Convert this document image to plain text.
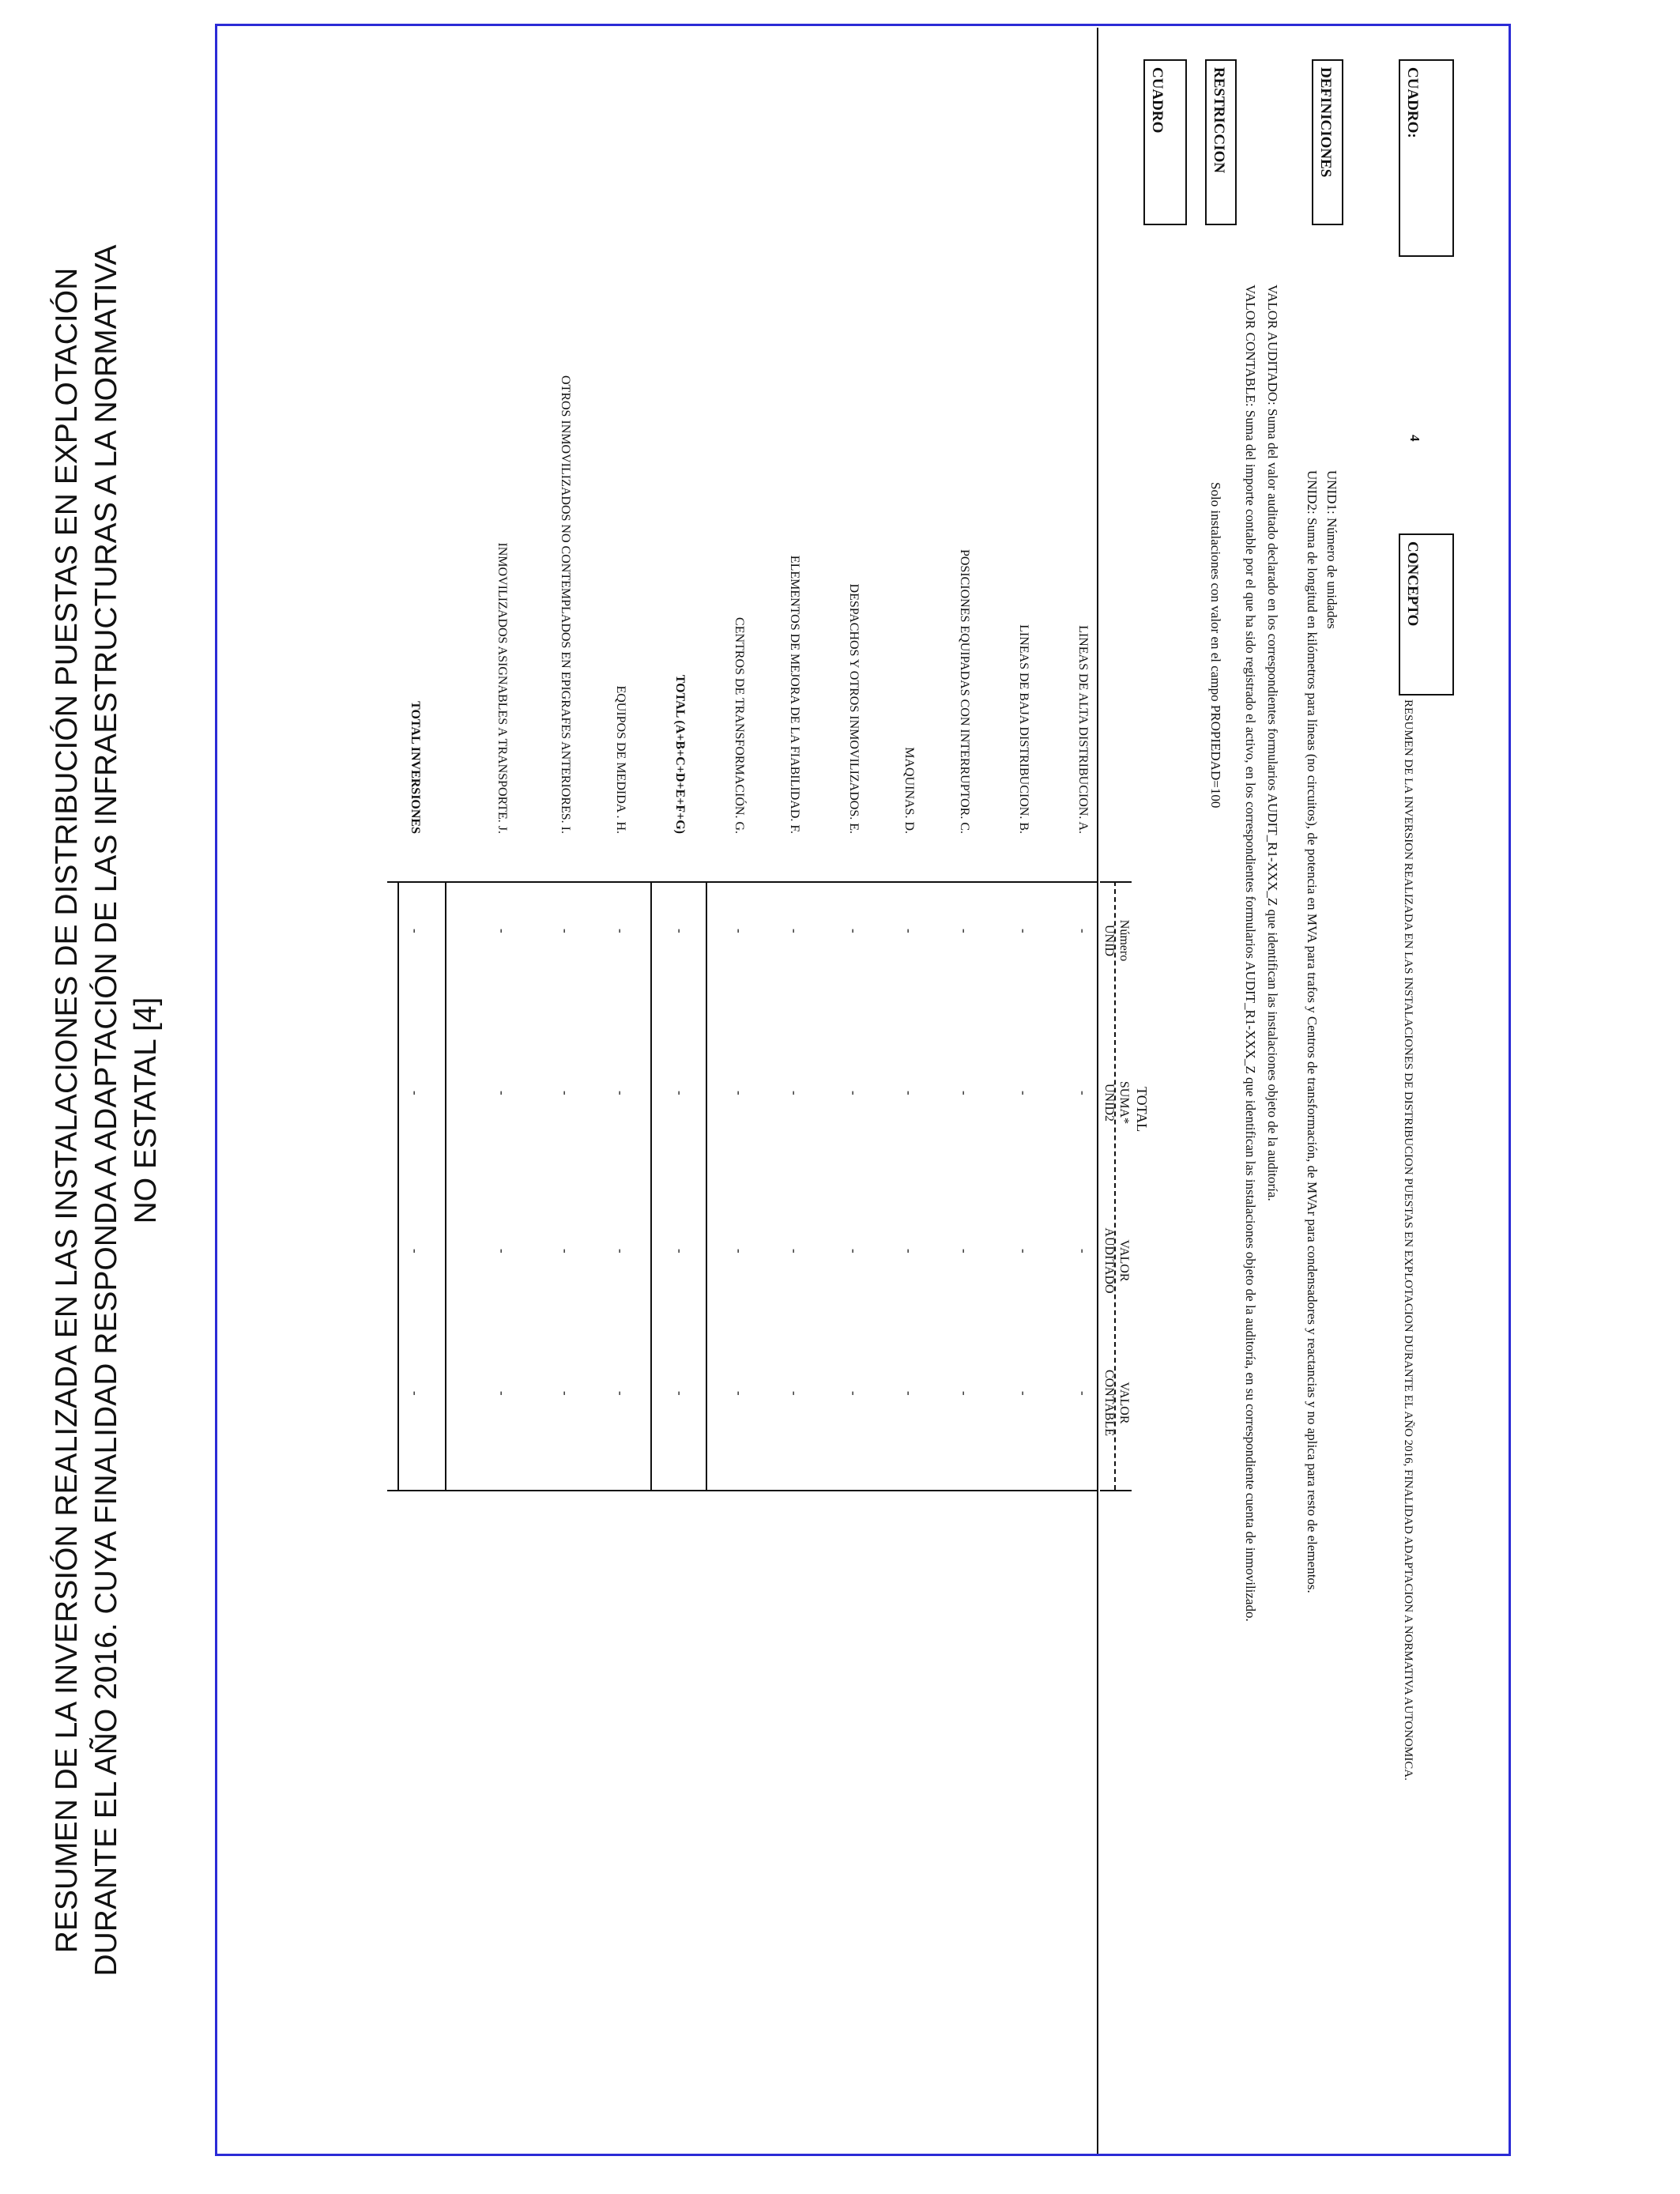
RESUMEN DE LA INVERSIÓN REALIZADA EN LAS INSTALACIONES DE DISTRIBUCIÓN PUESTAS EN EXPLOTACIÓN DURANTE EL AÑO 2016. CUYA FINALIDAD RESPONDA A ADAPTACIÓN DE LAS INFRAESTRUCTURAS A LA NORMATIVA NO ESTATAL [4]
CUADRO:
4
CONCEPTO
RESUMEN DE LA INVERSION REALIZADA EN LAS INSTALACIONES DE DISTRIBUCION PUESTAS EN EXPLOTACION DURANTE EL AÑO 2016, FINALIDAD ADAPTACION A NORMATIVA AUTONOMICA.
DEFINICIONES
UNID1: Número de unidades
UNID2: Suma de longitud en kilómetros para líneas (no circuitos), de potencia en MVA para trafos y Centros de transformación, de MVAr para condensadores y reactancias y no aplica para resto de elementos.
VALOR AUDITADO: Suma del valor auditado declarado en los correspondientes formularios AUDIT_R1-XXX_Z que identifican las instalaciones objeto de la auditoría.
VALOR CONTABLE: Suma del importe contable por el que ha sido registrado el activo, en los correspondientes formularios AUDIT_R1-XXX_Z que identifican las instalaciones objeto de la auditoría, en su correspondiente cuenta de inmovilizado.
RESTRICCION
Solo instalaciones con valor en el campo PROPIEDAD=100
CUADRO
TOTAL
Número
UNID
SUMA*
UNID2
VALOR
AUDITADO
VALOR
CONTABLE
LINEAS DE ALTA DISTRIBUCION. A.
-
-
-
-
LINEAS DE BAJA DISTRIBUCION. B.
-
-
-
-
POSICIONES EQUIPADAS CON INTERRUPTOR. C.
-
-
-
-
MAQUINAS. D.
-
-
-
-
DESPACHOS Y OTROS INMOVILIZADOS. E.
-
-
-
-
ELEMENTOS DE MEJORA DE LA FIABILIDAD. F.
-
-
-
-
CENTROS DE TRANSFORMACIÓN. G.
-
-
-
-
TOTAL (A+B+C+D+E+F+G)
-
-
-
-
EQUIPOS DE MEDIDA . H.
-
-
-
-
OTROS INMOVILIZADOS NO CONTEMPLADOS EN EPIGRAFES ANTERIORES. I.
-
-
-
-
INMOVILIZADOS ASIGNABLES A TRANSPORTE. J.
-
-
-
-
TOTAL INVERSIONES
-
-
-
-
